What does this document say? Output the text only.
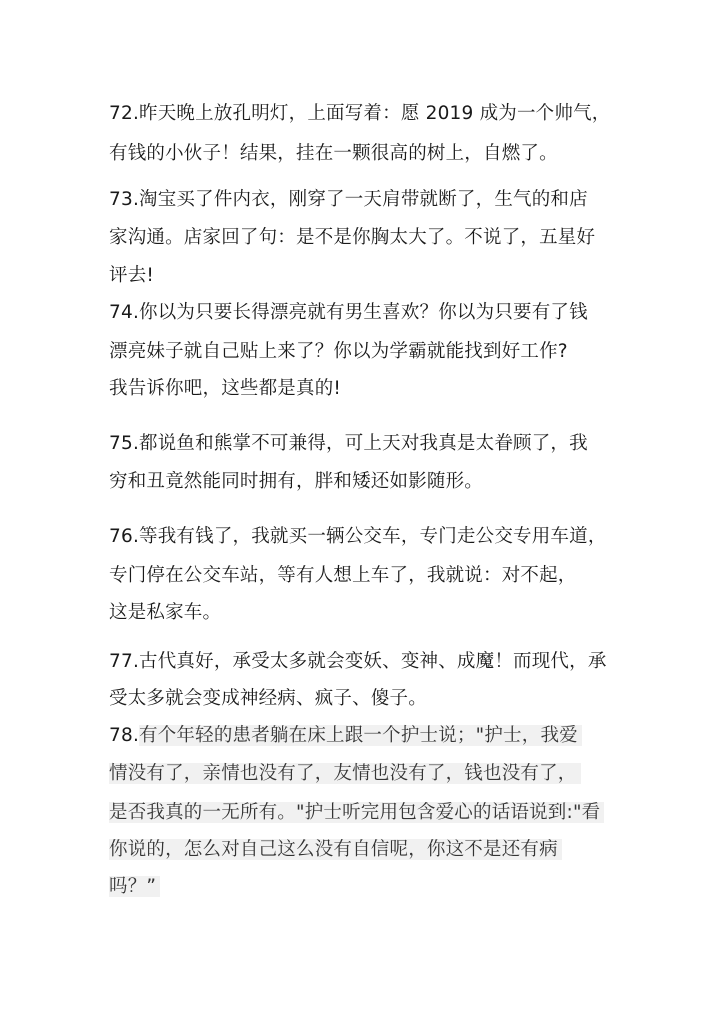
72.昨天晚上放孔明灯，上面写着：愿 2019 成为一个帅气，
有钱的小伙子！结果，挂在一颗很高的树上，自燃了。
73.淘宝买了件内衣，刚穿了一天肩带就断了，生气的和店
家沟通。店家回了句：是不是你胸太大了。不说了，五星好
评去!
74.你以为只要长得漂亮就有男生喜欢？你以为只要有了钱
漂亮妹子就自己贴上来了？你以为学霸就能找到好工作?
我告诉你吧，这些都是真的!
75.都说鱼和熊掌不可兼得，可上天对我真是太眷顾了，我
穷和丑竟然能同时拥有，胖和矮还如影随形。
76.等我有钱了，我就买一辆公交车，专门走公交专用车道，
专门停在公交车站，等有人想上车了，我就说：对不起，
这是私家车。
77.古代真好，承受太多就会变妖、变神、成魔！而现代，承
受太多就会变成神经病、疯子、傻子。
78.有个年轻的患者躺在床上跟一个护士说；"护士，我爱
情没有了，亲情也没有了，友情也没有了，钱也没有了，
是否我真的一无所有。"护士听完用包含爱心的话语说到:"看
你说的，怎么对自己这么没有自信呢，你这不是还有病
吗？”
